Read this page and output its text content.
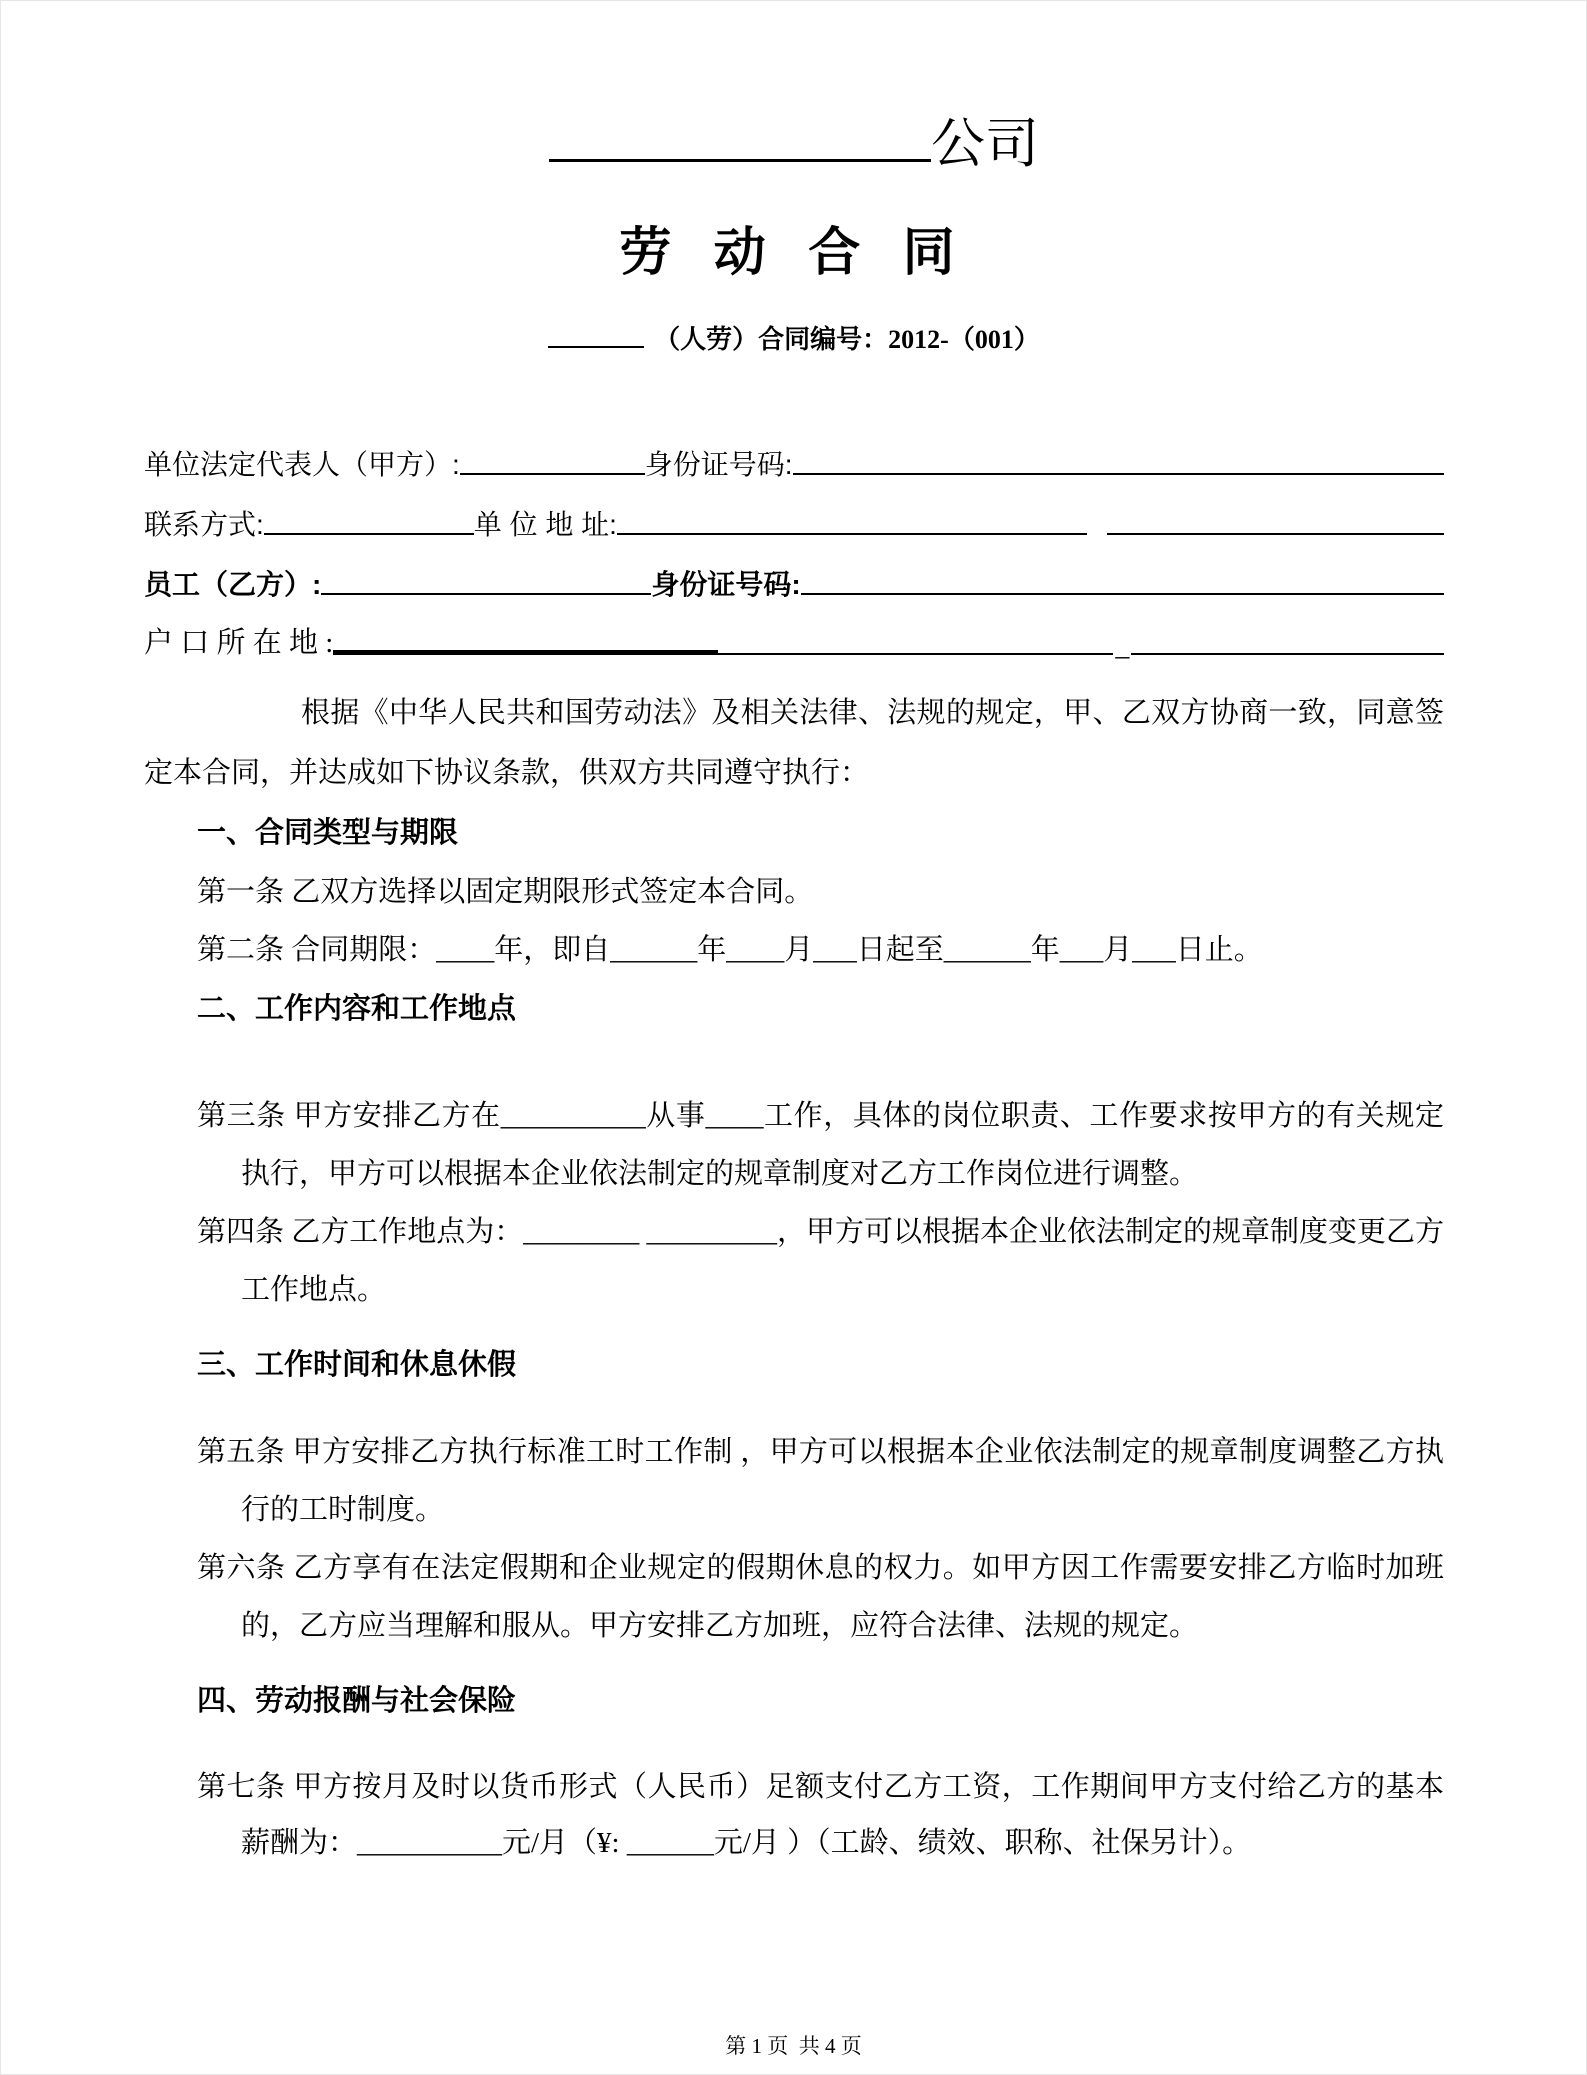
公司
劳 动 合 同
（人劳）合同编号：2012-（001）
单位法定代表人（甲方）:	身份证号码:
联系方式:	单 位 地 址:
员工（乙方）:	身份证号码:
户 口 所 在 地 :	_

根据《中华人民共和国劳动法》及相关法律、法规的规定，甲、乙双方协商一致，同意签定本合同，并达成如下协议条款，供双方共同遵守执行：

一、合同类型与期限

第一条 乙双方选择以固定期限形式签定本合同。

第二条 合同期限：____年，即自______年____月___日起至______年___月___日止。

二、工作内容和工作地点

第三条 甲方安排乙方在__________从事____工作，具体的岗位职责、工作要求按甲方的有关规定执行，甲方可以根据本企业依法制定的规章制度对乙方工作岗位进行调整。

第四条 乙方工作地点为：________ _________，甲方可以根据本企业依法制定的规章制度变更乙方工作地点。

三、工作时间和休息休假

第五条 甲方安排乙方执行标准工时工作制 ，甲方可以根据本企业依法制定的规章制度调整乙方执行的工时制度。

第六条 乙方享有在法定假期和企业规定的假期休息的权力。如甲方因工作需要安排乙方临时加班的，乙方应当理解和服从。甲方安排乙方加班，应符合法律、法规的规定。

四、劳动报酬与社会保险

第七条 甲方按月及时以货币形式（人民币）足额支付乙方工资，工作期间甲方支付给乙方的基本薪酬为：__________元/月（¥: ______元/月 ）（工龄、绩效、职称、社保另计）。

第 1 页  共 4 页
